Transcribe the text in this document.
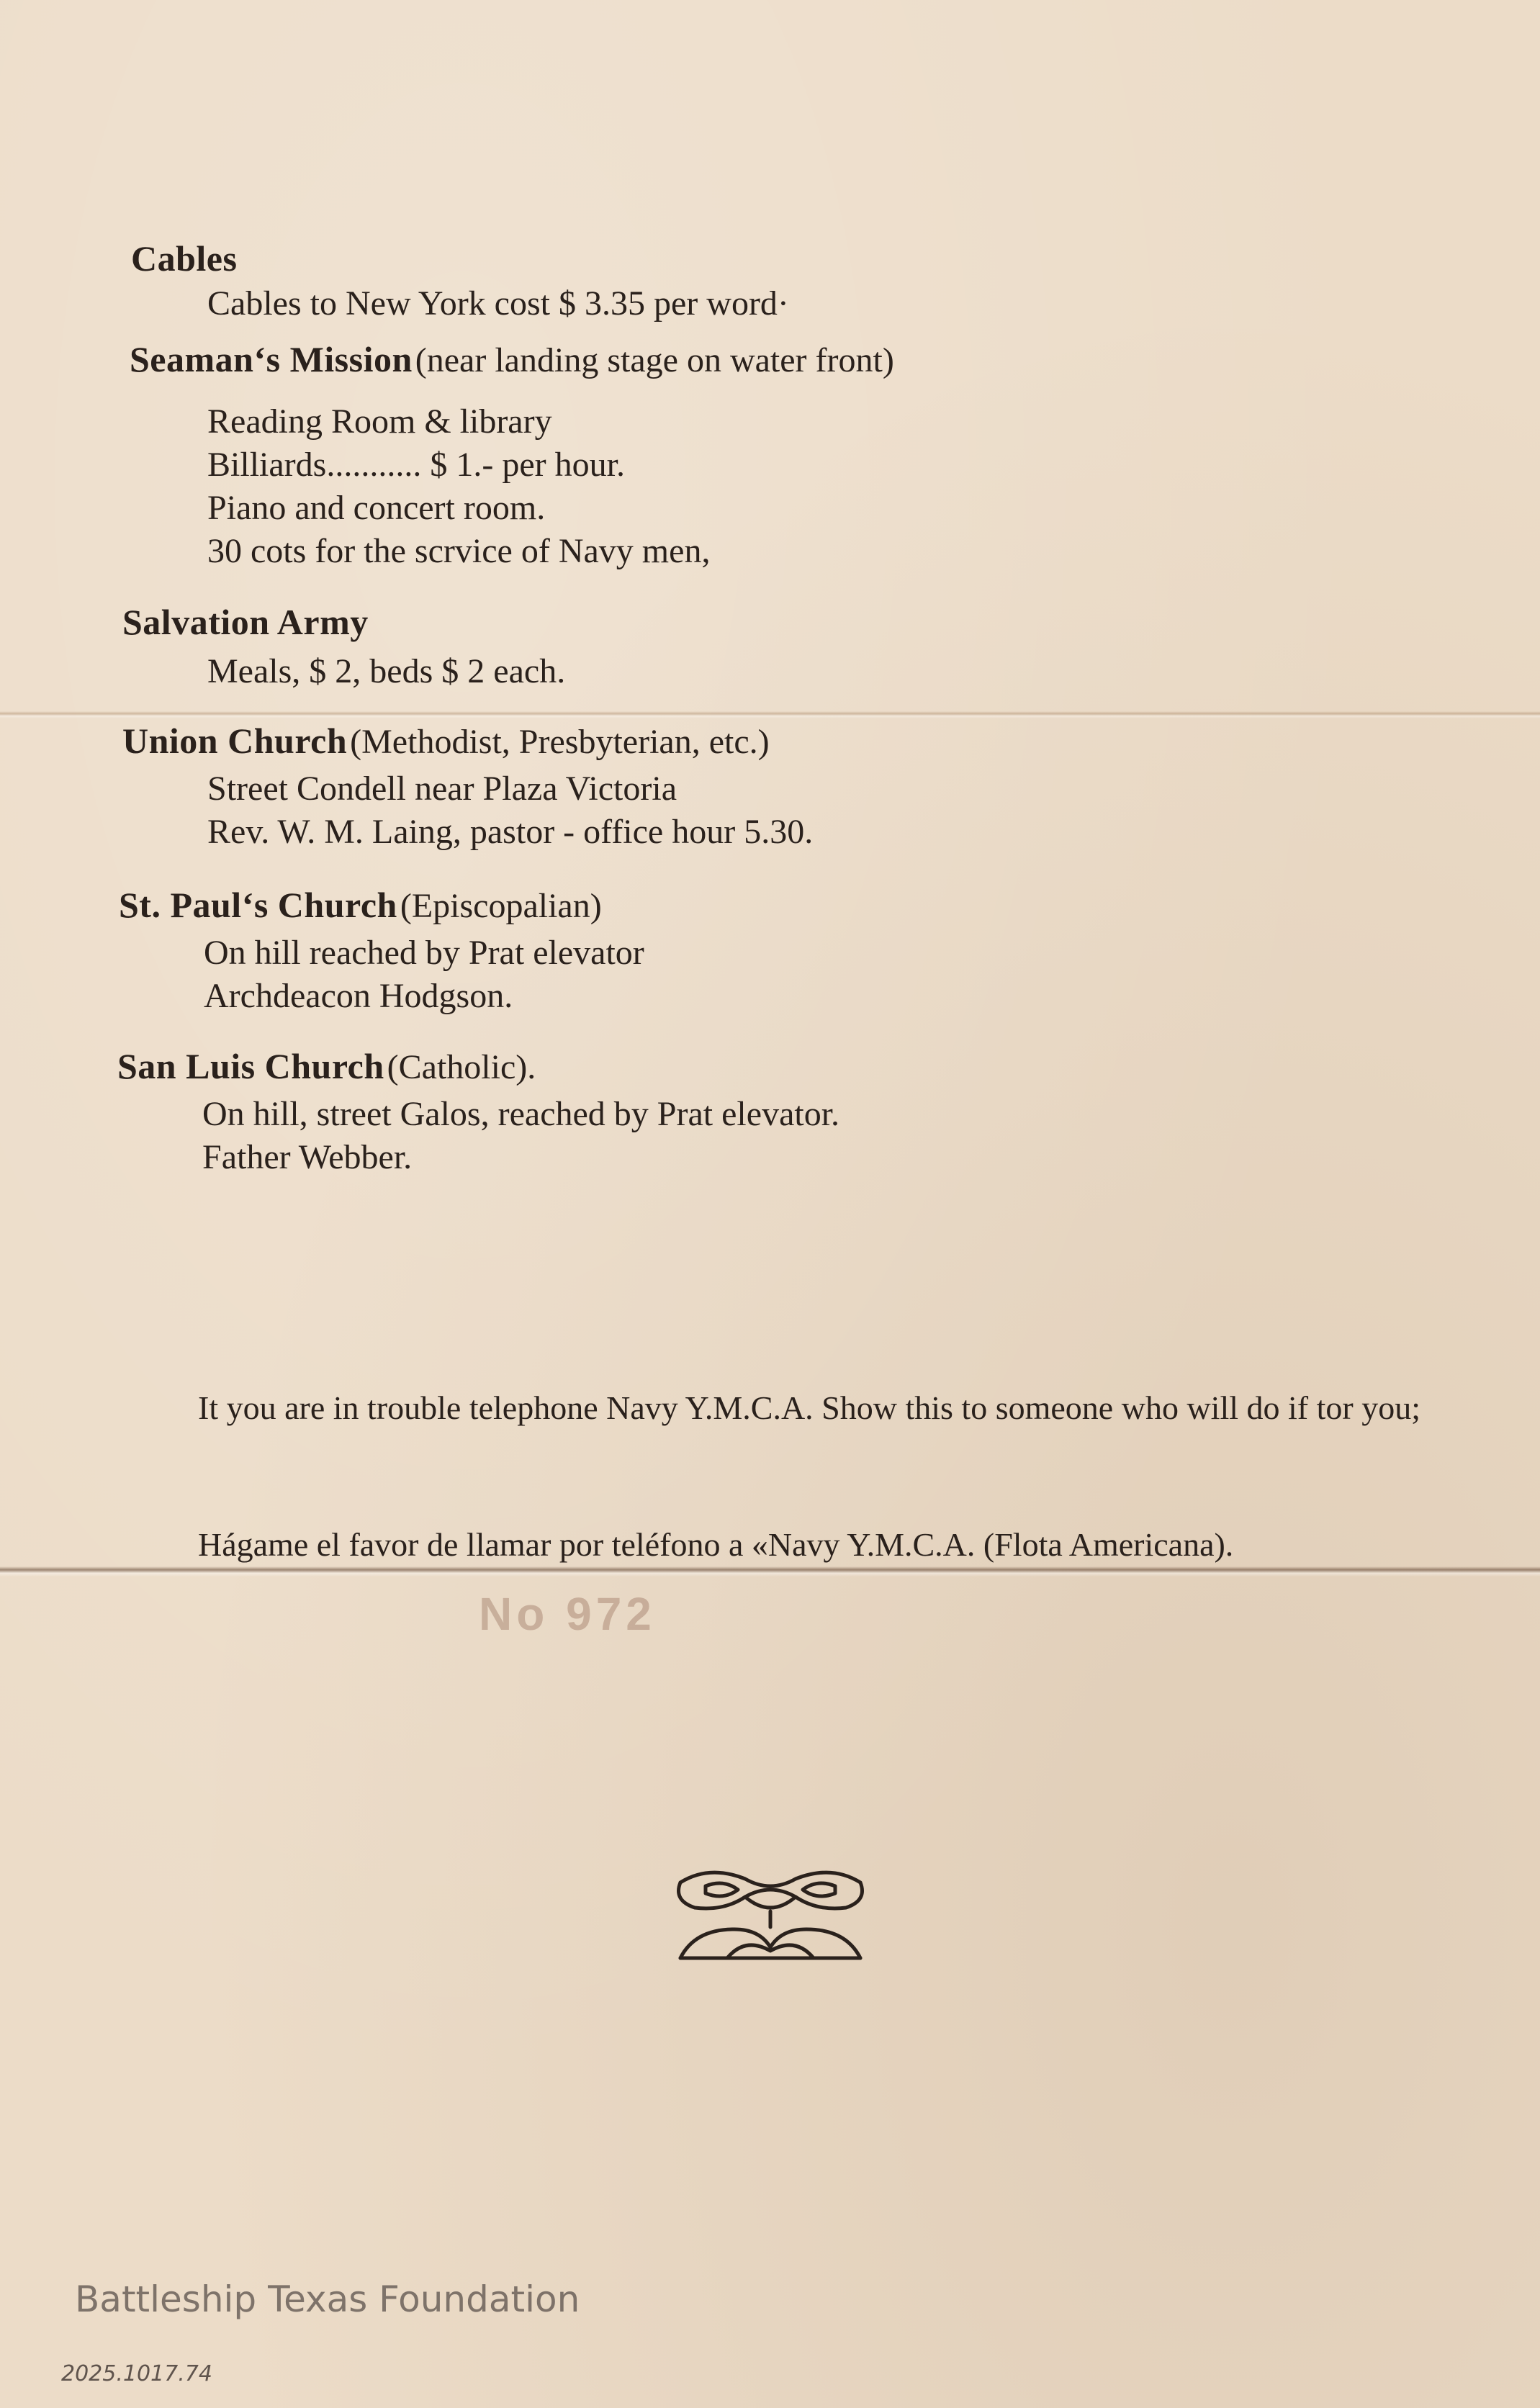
Cables
Cables to New York cost $ 3.35 per word·
Seaman‘s Mission (near landing stage on water front)
Reading Room & library
Billiards........... $ 1.- per hour.
Piano and concert room.
30 cots for the scrvice of Navy men,
Salvation Army
Meals, $ 2, beds $ 2 each.
Union Church (Methodist, Presbyterian, etc.)
Street Condell near Plaza Victoria
Rev. W. M. Laing, pastor - office hour 5.30.
St. Paul‘s Church (Episcopalian)
On hill reached by Prat elevator
Archdeacon Hodgson.
San Luis Church (Catholic).
On hill, street Galos, reached by Prat elevator.
Father Webber.
It you are in trouble telephone Navy Y.M.C.A. Show this to someone who will do if tor you;
Hágame el favor de llamar por teléfono a «Navy Y.M.C.A. (Flota Americana).
No 972
Battleship Texas Foundation
2025.1017.74
